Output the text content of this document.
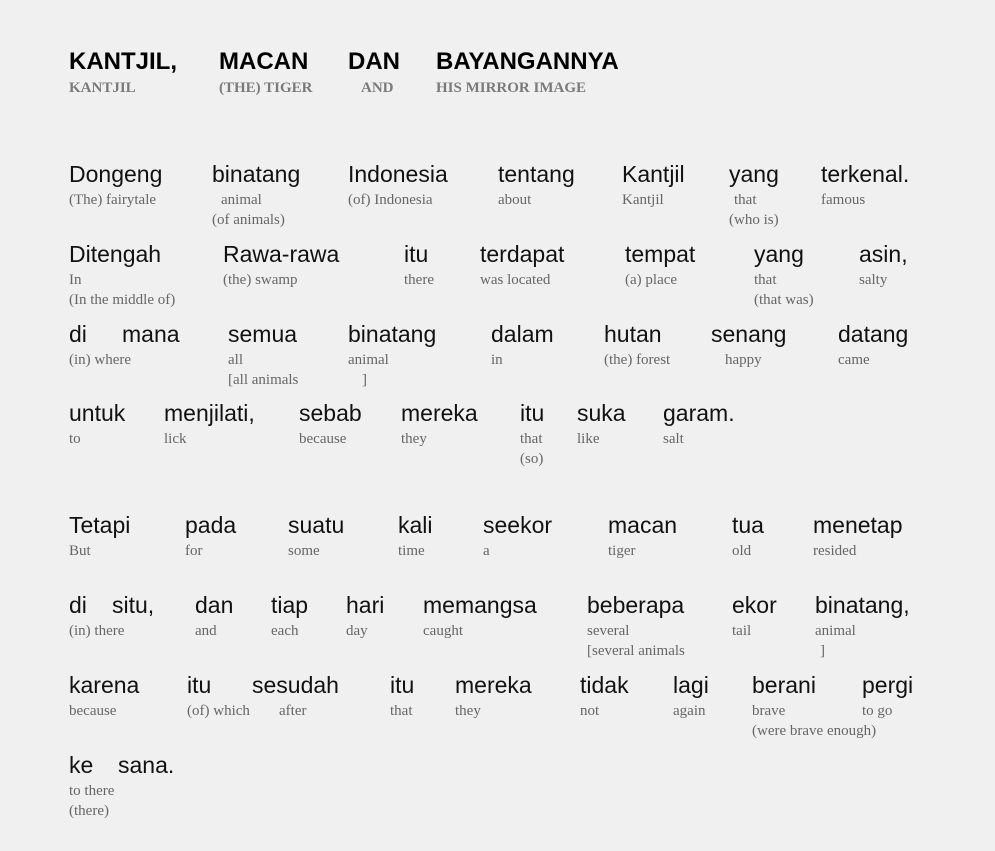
KANTJIL,
KANTJIL
MACAN
(THE) TIGER
DAN
AND
BAYANGANNYA
HIS MIRROR IMAGE
Dongeng
(The) fairytale
binatang
animal
(of animals)
Indonesia
(of) Indonesia
tentang
about
Kantjil
Kantjil
yang
that
(who is)
terkenal.
famous
Ditengah
In
(In the middle of)
Rawa-rawa
(the) swamp
itu
there
terdapat
was located
tempat
(a) place
yang
that
(that was)
asin,
salty
di
(in) where
mana semua
all
[all animals
binatang
animal
]
dalam
in
hutan
(the) forest
senang
happy
datang
came
untuk
to
menjilati,
lick
sebab
because
mereka
they
itu
that
(so)
suka
like
garam.
salt
Tetapi
But
pada
for
suatu
some
kali
time
seekor
a
macan
tiger
tua
old
menetap
resided
di
(in) there
situ, dan
and
tiap
each
hari
day
memangsa
caught
beberapa
several
[several animals
ekor
tail
binatang,
animal
]
karena
because
itu
(of) which
sesudah
after
itu
that
mereka
they
tidak
not
lagi
again
berani
brave
(were brave enough)
pergi
to go
ke
to there
(there)
sana.
